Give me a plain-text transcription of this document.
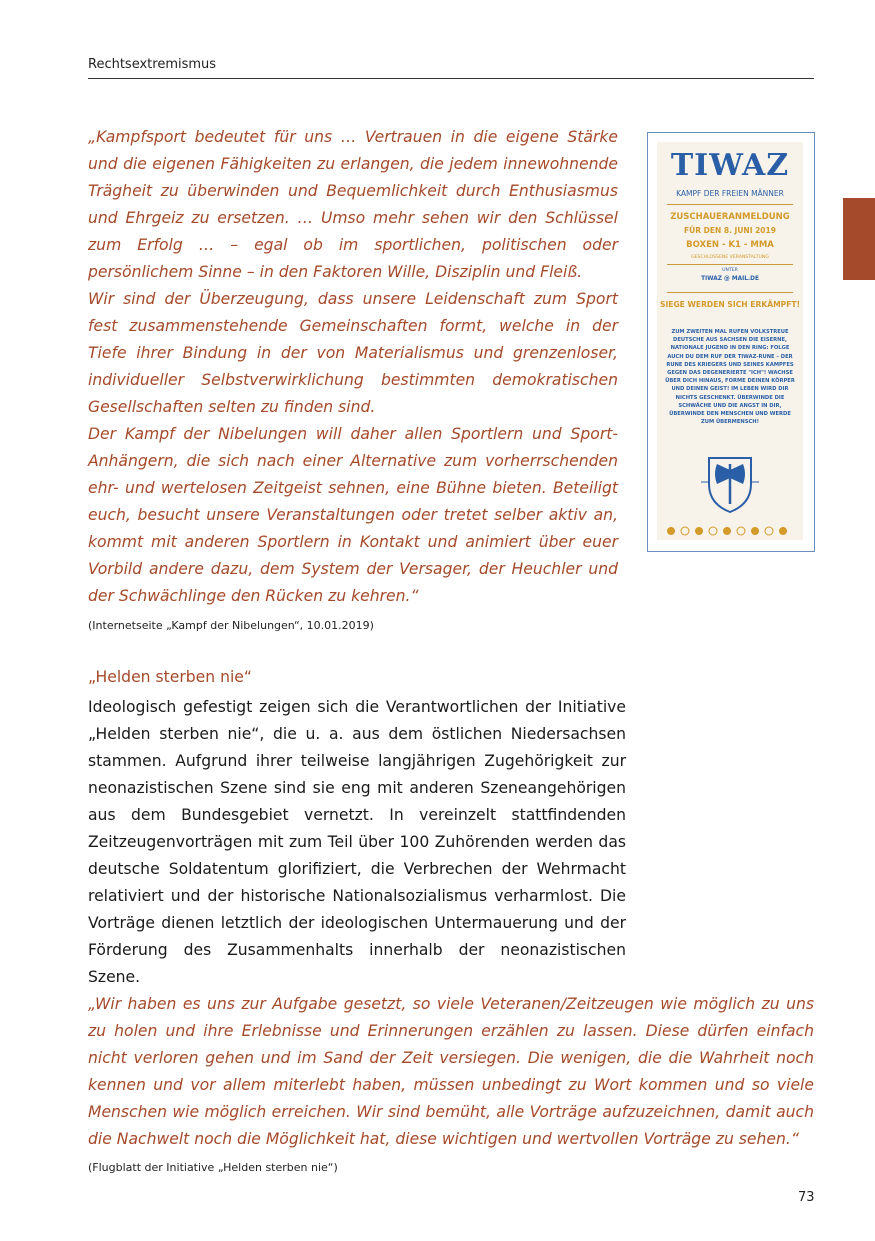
Rechtsextremismus

„Kampfsport bedeutet für uns … Vertrauen in die eigene Stärke und die eigenen Fähigkeiten zu erlangen, die jedem innewohnende Trägheit zu überwinden und Bequemlichkeit durch Enthusiasmus und Ehrgeiz zu ersetzen. … Umso mehr sehen wir den Schlüssel zum Erfolg … – egal ob im sportlichen, politischen oder persönlichem Sinne – in den Faktoren Wille, Disziplin und Fleiß.

Wir sind der Überzeugung, dass unsere Leidenschaft zum Sport fest zusammenstehende Gemeinschaften formt, welche in der Tiefe ihrer Bindung in der von Materialismus und grenzenloser, individueller Selbstverwirklichung bestimmten demokratischen Gesellschaften selten zu finden sind.

Der Kampf der Nibelungen will daher allen Sportlern und Sport-Anhängern, die sich nach einer Alternative zum vorherrschenden ehr- und wertelosen Zeitgeist sehnen, eine Bühne bieten. Beteiligt euch, besucht unsere Veranstaltungen oder tretet selber aktiv an, kommt mit anderen Sportlern in Kontakt und animiert über euer Vorbild andere dazu, dem System der Versager, der Heuchler und der Schwächlinge den Rücken zu kehren.“

(Internetseite „Kampf der Nibelungen“, 10.01.2019)
TIWAZ
KAMPF DER FREIEN MÄNNER
ZUSCHAUERANMELDUNG
FÜR DEN 8. JUNI 2019
BOXEN - K1 - MMA
GESCHLOSSENE VERANSTALTUNG
UNTER
TIWAZ @ MAIL.DE
SIEGE WERDEN SICH ERKÄMPFT!
ZUM ZWEITEN MAL RUFEN VOLKSTREUE DEUTSCHE AUS SACHSEN DIE EISERNE, NATIONALE JUGEND IN DEN RING: FOLGE AUCH DU DEM RUF DER TIWAZ-RUNE – DER RUNE DES KRIEGERS UND SEINES KAMPFES GEGEN DAS DEGENERIERTE "ICH"! WACHSE ÜBER DICH HINAUS, FORME DEINEN KÖRPER UND DEINEN GEIST! IM LEBEN WIRD DIR NICHTS GESCHENKT. ÜBERWINDE DIE SCHWÄCHE UND DIE ANGST IN DIR, ÜBERWINDE DEN MENSCHEN UND WERDE ZUM ÜBERMENSCH!
„Helden sterben nie“
Ideologisch gefestigt zeigen sich die Verantwortlichen der Initiative „Helden sterben nie“, die u. a. aus dem östlichen Niedersachsen stammen. Aufgrund ihrer teilweise langjährigen Zugehörigkeit zur neonazistischen Szene sind sie eng mit anderen Szeneangehörigen aus dem Bundesgebiet vernetzt. In vereinzelt stattfindenden Zeitzeugenvorträgen mit zum Teil über 100 Zuhörenden werden das deutsche Soldatentum glorifiziert, die Verbrechen der Wehrmacht relativiert und der historische Nationalsozialismus verharmlost. Die Vorträge dienen letztlich der ideologischen Untermauerung und der Förderung des Zusammenhalts innerhalb der neonazistischen Szene.
„Wir haben es uns zur Aufgabe gesetzt, so viele Veteranen/Zeitzeugen wie möglich zu uns zu holen und ihre Erlebnisse und Erinnerungen erzählen zu lassen. Diese dürfen einfach nicht verloren gehen und im Sand der Zeit versiegen. Die wenigen, die die Wahrheit noch kennen und vor allem miterlebt haben, müssen unbedingt zu Wort kommen und so viele Menschen wie möglich erreichen. Wir sind bemüht, alle Vorträge aufzuzeichnen, damit auch die Nachwelt noch die Möglichkeit hat, diese wichtigen und wertvollen Vorträge zu sehen.“
(Flugblatt der Initiative „Helden sterben nie“)
73
